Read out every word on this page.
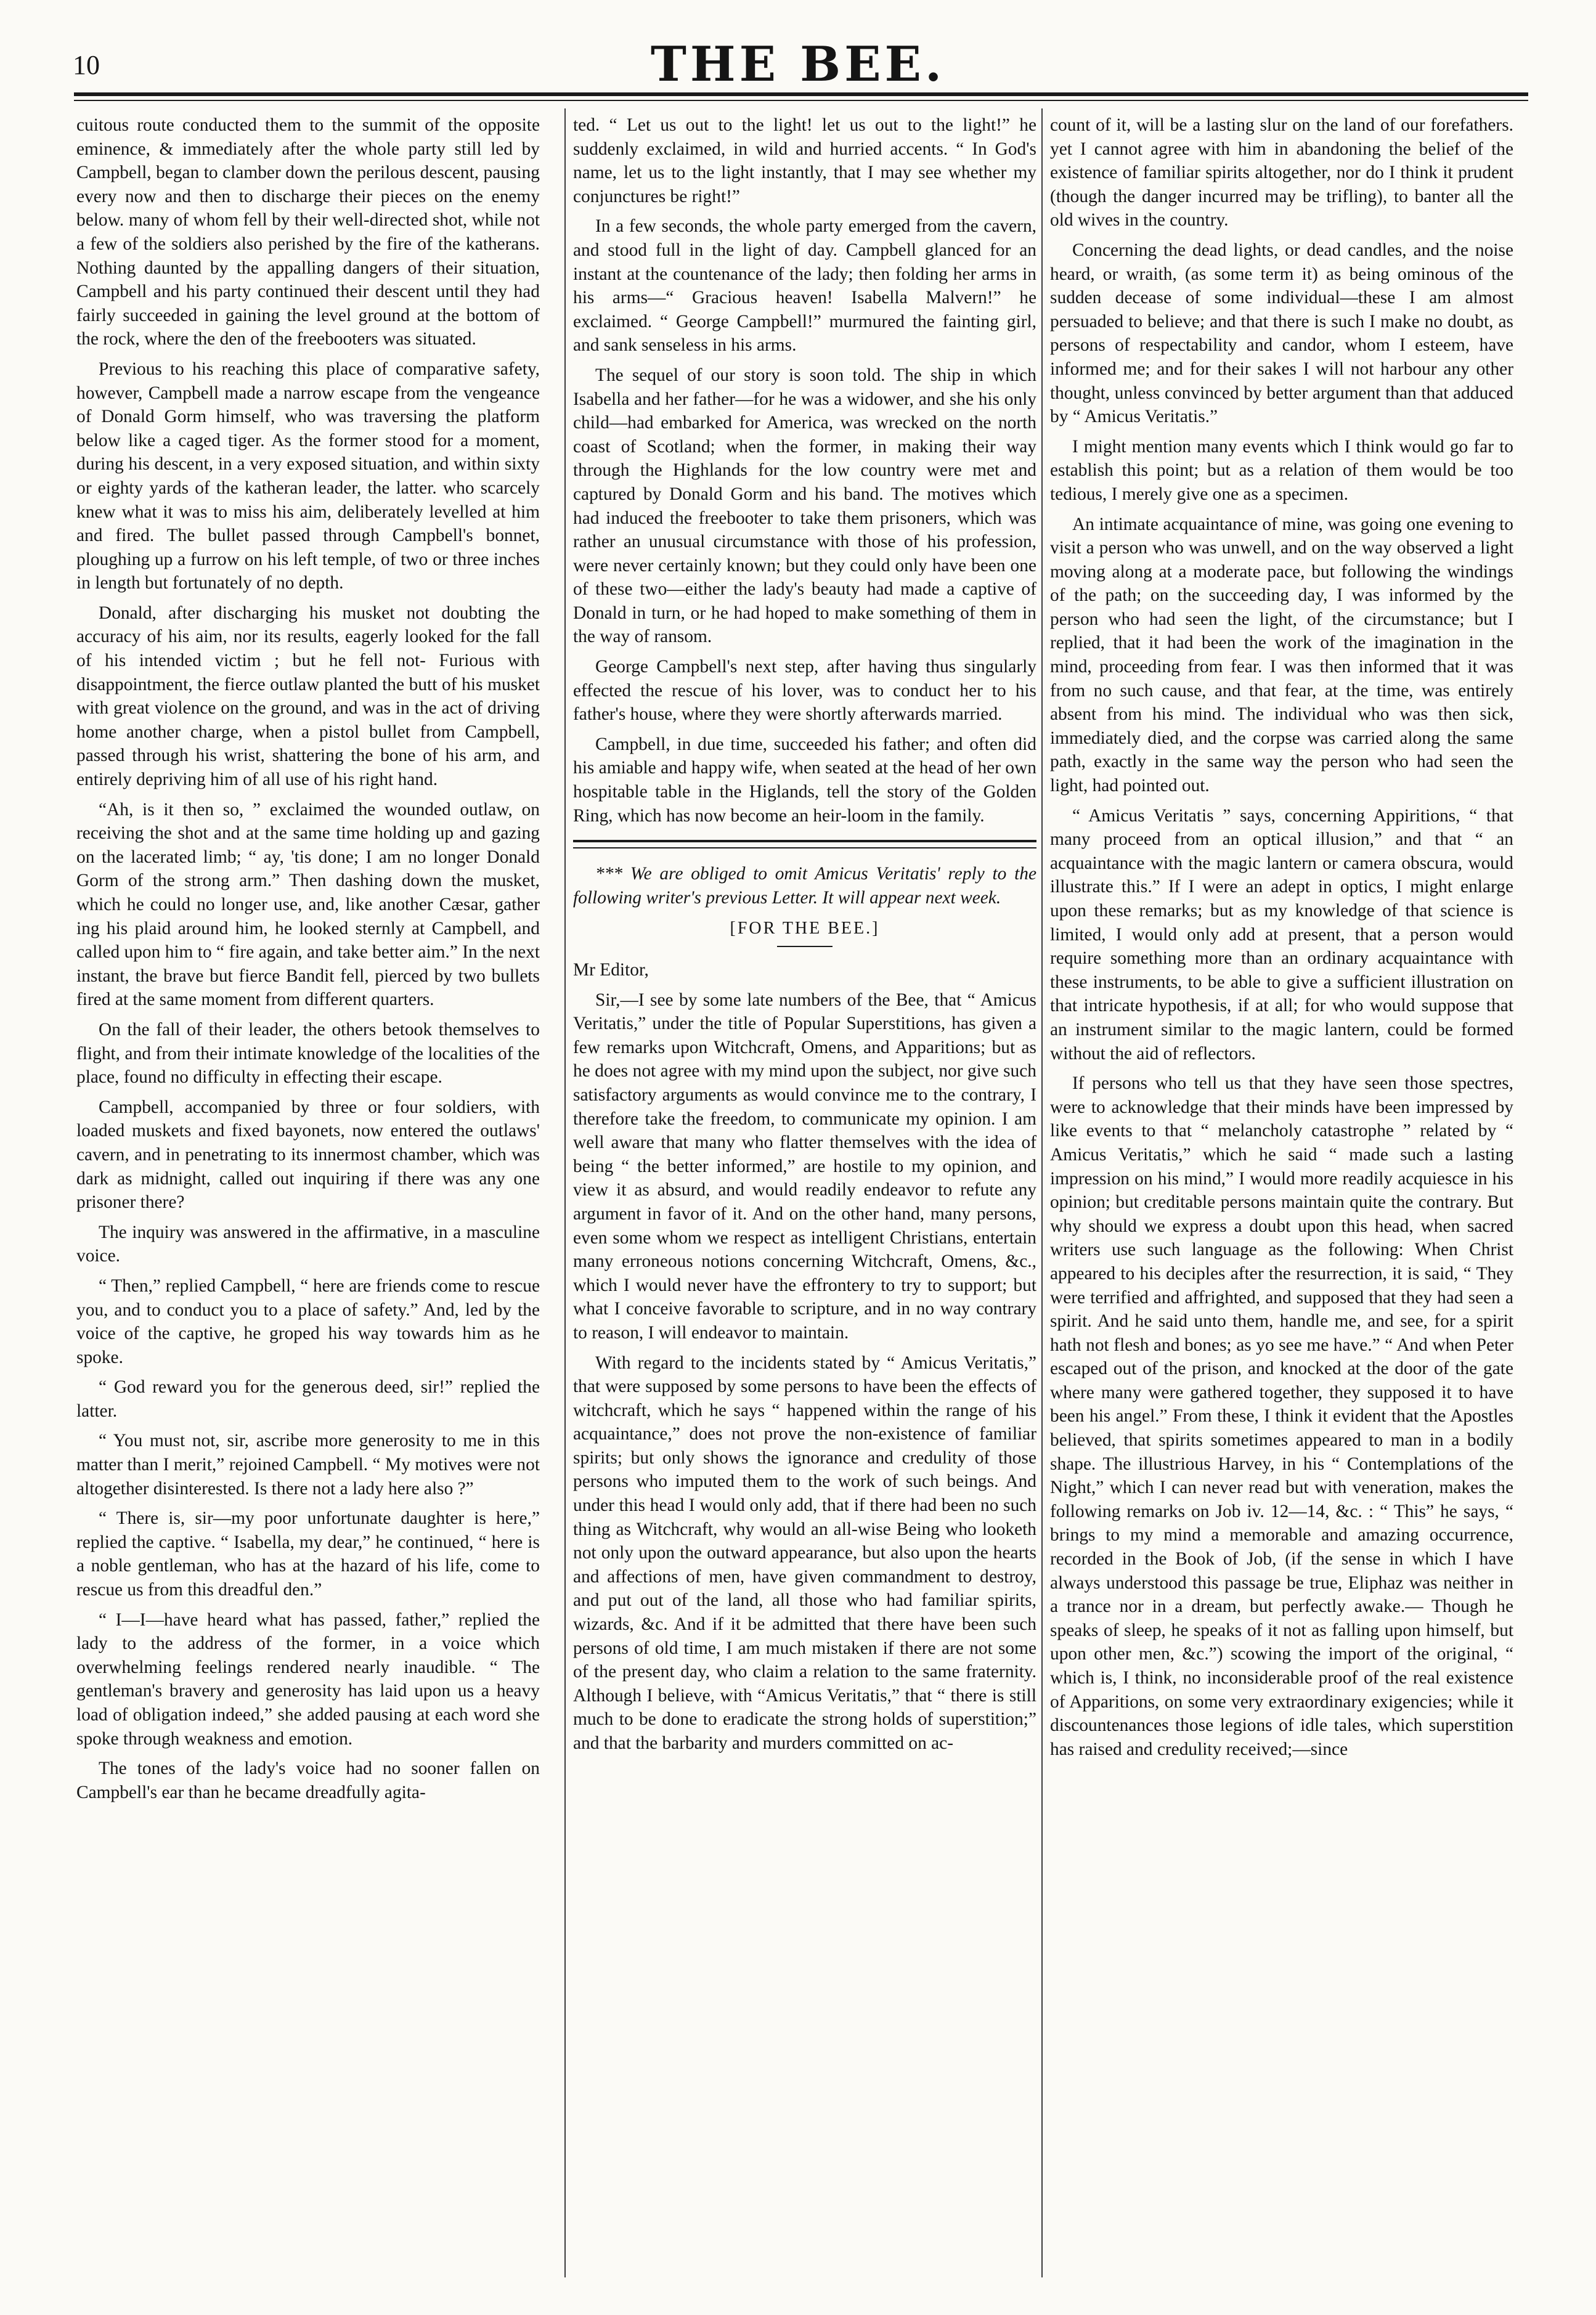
10	THE BEE.

cuitous route conducted them to the summit of the opposite eminence, & immediately after the whole party still led by Campbell, began to clamber down the perilous descent, pausing every now and then to discharge their pieces on the enemy below. many of whom fell by their well-directed shot, while not a few of the soldiers also perished by the fire of the katherans. Nothing daunted by the appalling dangers of their situation, Campbell and his party continued their descent until they had fairly succeeded in gaining the level ground at the bottom of the rock, where the den of the freebooters was situated.

Previous to his reaching this place of comparative safety, however, Campbell made a narrow escape from the vengeance of Donald Gorm himself, who was traversing the platform below like a caged tiger. As the former stood for a moment, during his descent, in a very exposed situation, and within sixty or eighty yards of the katheran leader, the latter. who scarcely knew what it was to miss his aim, deliberately levelled at him and fired. The bullet passed through Campbell's bonnet, ploughing up a furrow on his left temple, of two or three inches in length but fortunately of no depth.

Donald, after discharging his musket not doubting the accuracy of his aim, nor its results, eagerly looked for the fall of his intended victim ; but he fell not- Furious with disappointment, the fierce outlaw planted the butt of his musket with great violence on the ground, and was in the act of driving home another charge, when a pistol bullet from Campbell, passed through his wrist, shattering the bone of his arm, and entirely depriving him of all use of his right hand.

“Ah, is it then so, ” exclaimed the wounded outlaw, on receiving the shot and at the same time holding up and gazing on the lacerated limb; “ ay, 'tis done; I am no longer Donald Gorm of the strong arm.” Then dashing down the musket, which he could no longer use, and, like another Cæsar, gather ing his plaid around him, he looked sternly at Campbell, and called upon him to “ fire again, and take better aim.” In the next instant, the brave but fierce Bandit fell, pierced by two bullets fired at the same moment from different quarters.

On the fall of their leader, the others betook themselves to flight, and from their intimate knowledge of the localities of the place, found no difficulty in effecting their escape.

Campbell, accompanied by three or four soldiers, with loaded muskets and fixed bayonets, now entered the outlaws' cavern, and in penetrating to its innermost chamber, which was dark as midnight, called out inquiring if there was any one prisoner there?

The inquiry was answered in the affirmative, in a masculine voice.

“ Then,” replied Campbell, “ here are friends come to rescue you, and to conduct you to a place of safety.” And, led by the voice of the captive, he groped his way towards him as he spoke.

“ God reward you for the generous deed, sir!” replied the latter.

“ You must not, sir, ascribe more generosity to me in this matter than I merit,” rejoined Campbell. “ My motives were not altogether disinterested. Is there not a lady here also ?”

“ There is, sir—my poor unfortunate daughter is here,” replied the captive. “ Isabella, my dear,” he continued, “ here is a noble gentleman, who has at the hazard of his life, come to rescue us from this dreadful den.”

“ I—I—have heard what has passed, father,” replied the lady to the address of the former, in a voice which overwhelming feelings rendered nearly inaudible. “ The gentleman's bravery and generosity has laid upon us a heavy load of obligation indeed,” she added pausing at each word she spoke through weakness and emotion.

The tones of the lady's voice had no sooner fallen on Campbell's ear than he became dreadfully agita-

ted. “ Let us out to the light! let us out to the light!” he suddenly exclaimed, in wild and hurried accents. “ In God's name, let us to the light instantly, that I may see whether my conjunctures be right!”

In a few seconds, the whole party emerged from the cavern, and stood full in the light of day. Campbell glanced for an instant at the countenance of the lady; then folding her arms in his arms—“ Gracious heaven! Isabella Malvern!” he exclaimed. “ George Campbell!” murmured the fainting girl, and sank senseless in his arms.

The sequel of our story is soon told. The ship in which Isabella and her father—for he was a widower, and she his only child—had embarked for America, was wrecked on the north coast of Scotland; when the former, in making their way through the Highlands for the low country were met and captured by Donald Gorm and his band. The motives which had induced the freebooter to take them prisoners, which was rather an unusual circumstance with those of his profession, were never certainly known; but they could only have been one of these two—either the lady's beauty had made a captive of Donald in turn, or he had hoped to make something of them in the way of ransom.

George Campbell's next step, after having thus singularly effected the rescue of his lover, was to conduct her to his father's house, where they were shortly afterwards married.

Campbell, in due time, succeeded his father; and often did his amiable and happy wife, when seated at the head of her own hospitable table in the Higlands, tell the story of the Golden Ring, which has now become an heir-loom in the family.

*** We are obliged to omit Amicus Veritatis' reply to the following writer's previous Letter. It will appear next week.

[FOR THE BEE.]

Mr Editor,

Sir,—I see by some late numbers of the Bee, that “ Amicus Veritatis,” under the title of Popular Superstitions, has given a few remarks upon Witchcraft, Omens, and Apparitions; but as he does not agree with my mind upon the subject, nor give such satisfactory arguments as would convince me to the contrary, I therefore take the freedom, to communicate my opinion. I am well aware that many who flatter themselves with the idea of being “ the better informed,” are hostile to my opinion, and view it as absurd, and would readily endeavor to refute any argument in favor of it. And on the other hand, many persons, even some whom we respect as intelligent Christians, entertain many erroneous notions concerning Witchcraft, Omens, &c., which I would never have the effrontery to try to support; but what I conceive favorable to scripture, and in no way contrary to reason, I will endeavor to maintain.

With regard to the incidents stated by “ Amicus Veritatis,” that were supposed by some persons to have been the effects of witchcraft, which he says “ happened within the range of his acquaintance,” does not prove the non-existence of familiar spirits; but only shows the ignorance and credulity of those persons who imputed them to the work of such beings. And under this head I would only add, that if there had been no such thing as Witchcraft, why would an all-wise Being who looketh not only upon the outward appearance, but also upon the hearts and affections of men, have given commandment to destroy, and put out of the land, all those who had familiar spirits, wizards, &c. And if it be admitted that there have been such persons of old time, I am much mistaken if there are not some of the present day, who claim a relation to the same fraternity. Although I believe, with “Amicus Veritatis,” that “ there is still much to be done to eradicate the strong holds of superstition;” and that the barbarity and murders committed on ac-

count of it, will be a lasting slur on the land of our forefathers. yet I cannot agree with him in abandoning the belief of the existence of familiar spirits altogether, nor do I think it prudent (though the danger incurred may be trifling), to banter all the old wives in the country.

Concerning the dead lights, or dead candles, and the noise heard, or wraith, (as some term it) as being ominous of the sudden decease of some individual—these I am almost persuaded to believe; and that there is such I make no doubt, as persons of respectability and candor, whom I esteem, have informed me; and for their sakes I will not harbour any other thought, unless convinced by better argument than that adduced by “ Amicus Veritatis.”

I might mention many events which I think would go far to establish this point; but as a relation of them would be too tedious, I merely give one as a specimen.

An intimate acquaintance of mine, was going one evening to visit a person who was unwell, and on the way observed a light moving along at a moderate pace, but following the windings of the path; on the succeeding day, I was informed by the person who had seen the light, of the circumstance; but I replied, that it had been the work of the imagination in the mind, proceeding from fear. I was then informed that it was from no such cause, and that fear, at the time, was entirely absent from his mind. The individual who was then sick, immediately died, and the corpse was carried along the same path, exactly in the same way the person who had seen the light, had pointed out.

“ Amicus Veritatis ” says, concerning Appiritions, “ that many proceed from an optical illusion,” and that “ an acquaintance with the magic lantern or camera obscura, would illustrate this.” If I were an adept in optics, I might enlarge upon these remarks; but as my knowledge of that science is limited, I would only add at present, that a person would require something more than an ordinary acquaintance with these instruments, to be able to give a sufficient illustration on that intricate hypothesis, if at all; for who would suppose that an instrument similar to the magic lantern, could be formed without the aid of reflectors.

If persons who tell us that they have seen those spectres, were to acknowledge that their minds have been impressed by like events to that “ melancholy catastrophe ” related by “ Amicus Veritatis,” which he said “ made such a lasting impression on his mind,” I would more readily acquiesce in his opinion; but creditable persons maintain quite the contrary. But why should we express a doubt upon this head, when sacred writers use such language as the following: When Christ appeared to his deciples after the resurrection, it is said, “ They were terrified and affrighted, and supposed that they had seen a spirit. And he said unto them, handle me, and see, for a spirit hath not flesh and bones; as yo see me have.” “ And when Peter escaped out of the prison, and knocked at the door of the gate where many were gathered together, they supposed it to have been his angel.” From these, I think it evident that the Apostles believed, that spirits sometimes appeared to man in a bodily shape. The illustrious Harvey, in his “ Contemplations of the Night,” which I can never read but with veneration, makes the following remarks on Job iv. 12—14, &c. : “ This” he says, “ brings to my mind a memorable and amazing occurrence, recorded in the Book of Job, (if the sense in which I have always understood this passage be true, Eliphaz was neither in a trance nor in a dream, but perfectly awake.— Though he speaks of sleep, he speaks of it not as falling upon himself, but upon other men, &c.”) scowing the import of the original, “ which is, I think, no inconsiderable proof of the real existence of Apparitions, on some very extraordinary exigencies; while it discountenances those legions of idle tales, which superstition has raised and credulity received;—since
